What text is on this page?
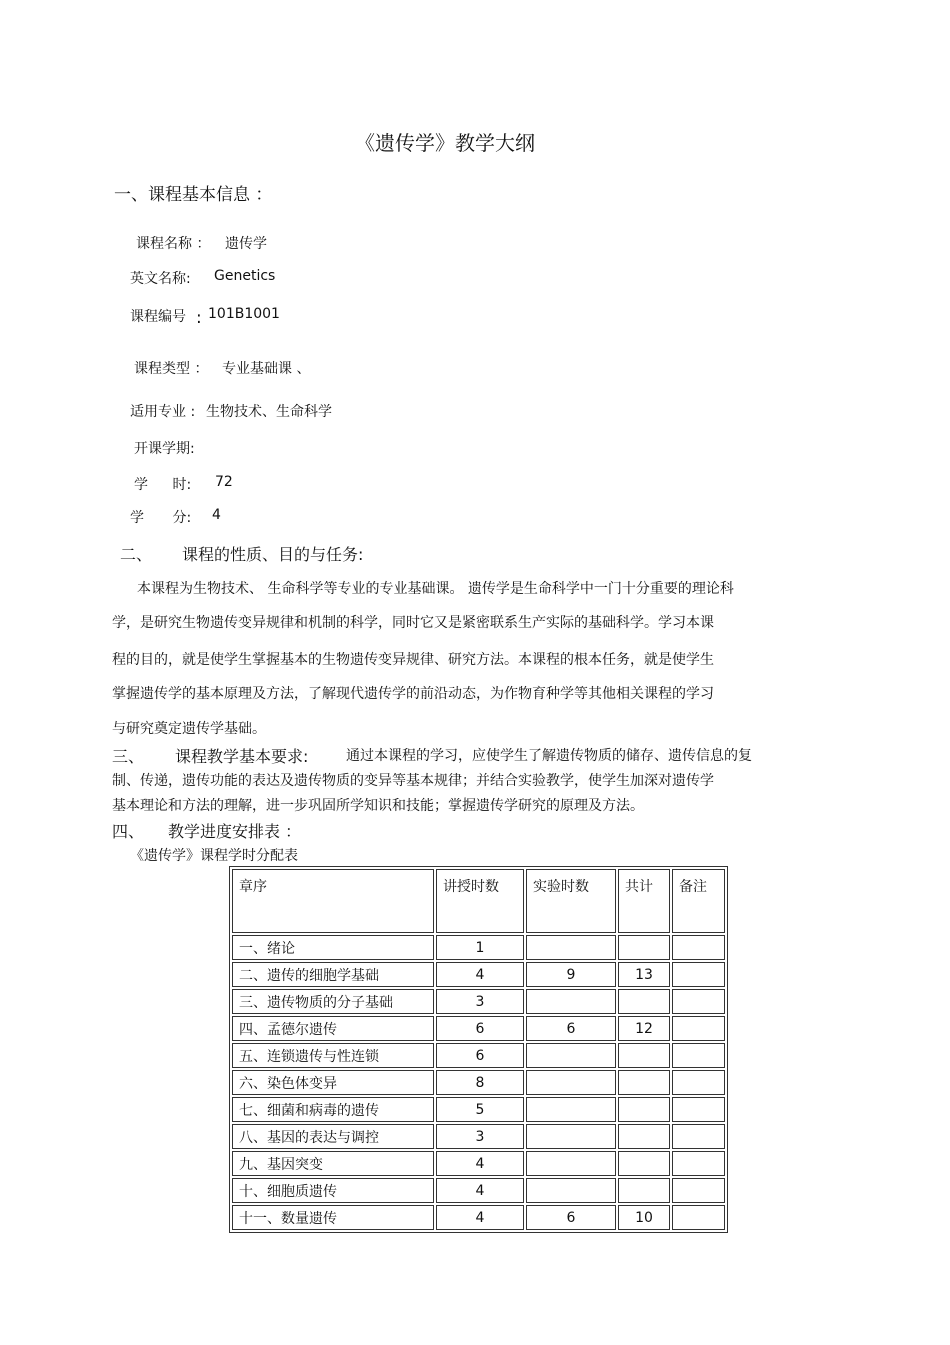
《遗传学》教学大纲
一、课程基本信息 ：
课程名称 ： 遗传学
英文名称: Genetics
课程编号 : 101B1001
课程类型 ： 专业基础课 、
适用专业 : 生物技术、生命科学
开课学期:
学 时: 72
学 分: 4
二、 课程的性质、目的与任务:
本课程为生物技术、 生命科学等专业的专业基础课。 遗传学是生命科学中一门十分重要的理论科
学，是研究生物遗传变异规律和机制的科学，同时它又是紧密联系生产实际的基础科学。学习本课
程的目的，就是使学生掌握基本的生物遗传变异规律、研究方法。本课程的根本任务，就是使学生
掌握遗传学的基本原理及方法，了解现代遗传学的前沿动态，为作物育种学等其他相关课程的学习
与研究奠定遗传学基础。
三、 课程教学基本要求:	通过本课程的学习，应使学生了解遗传物质的储存、遗传信息的复
制、传递，遗传功能的表达及遗传物质的变异等基本规律；并结合实验教学，使学生加深对遗传学
基本理论和方法的理解，进一步巩固所学知识和技能；掌握遗传学研究的原理及方法。
四、 教学进度安排表 ：
《遗传学》课程学时分配表
章序	讲授时数	实验时数	共计	备注
一、绪论	1			
二、遗传的细胞学基础	4	9	13	
三、遗传物质的分子基础	3			
四、孟德尔遗传	6	6	12	
五、连锁遗传与性连锁	6			
六、染色体变异	8			
七、细菌和病毒的遗传	5			
八、基因的表达与调控	3			
九、基因突变	4			
十、细胞质遗传	4			
十一、数量遗传	4	6	10	
